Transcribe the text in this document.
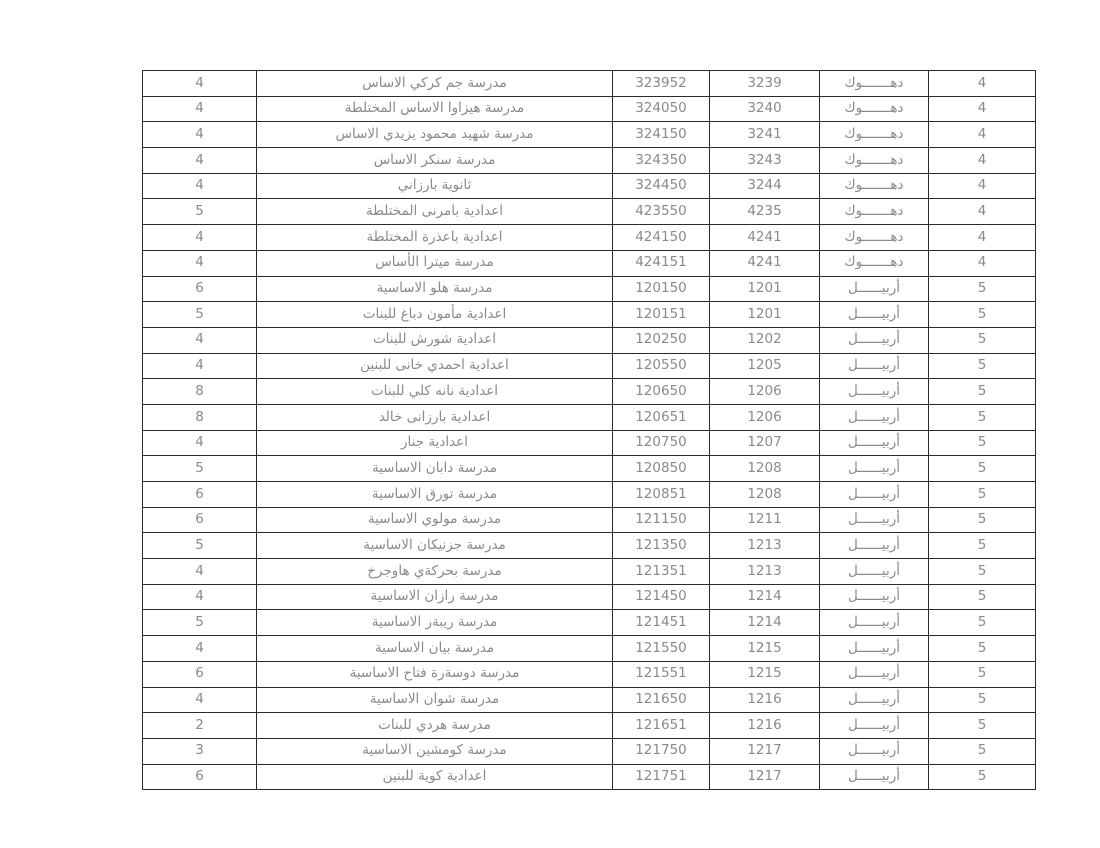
4	دهـــــــوك	3239	323952	مدرسة جم كركي الاساس	4
4	دهـــــــوك	3240	324050	مدرسة هيزاوا الاساس المختلطة	4
4	دهـــــــوك	3241	324150	مدرسة شهيد محمود يزيدي الاساس	4
4	دهـــــــوك	3243	324350	مدرسة سنكر الاساس	4
4	دهـــــــوك	3244	324450	ثانوية بارزاني	4
4	دهـــــــوك	4235	423550	اعدادية بامرنى المختلطة	5
4	دهـــــــوك	4241	424150	اعدادية باعذرة المختلطة	4
4	دهـــــــوك	4241	424151	مدرسة ميترا الأساس	4
5	أربيــــــل	1201	120150	مدرسة هلو الاساسية	6
5	أربيــــــل	1201	120151	اعدادية مأمون دباغ للبنات	5
5	أربيــــــل	1202	120250	اعدادية شورش للبنات	4
5	أربيــــــل	1205	120550	اعدادية احمدي خانى للبنين	4
5	أربيــــــل	1206	120650	اعدادية نانه كلي للبنات	8
5	أربيــــــل	1206	120651	اعدادية بارزانى خالد	8
5	أربيــــــل	1207	120750	اعدادية جنار	4
5	أربيــــــل	1208	120850	مدرسة دابان الاساسية	5
5	أربيــــــل	1208	120851	مدرسة تورق الاساسية	6
5	أربيــــــل	1211	121150	مدرسة مولوي الاساسية	6
5	أربيــــــل	1213	121350	مدرسة جزنيكان الاساسية	5
5	أربيــــــل	1213	121351	مدرسة بحركةي هاوجرخ	4
5	أربيــــــل	1214	121450	مدرسة رازان الاساسية	4
5	أربيــــــل	1214	121451	مدرسة ريبةر الاساسية	5
5	أربيــــــل	1215	121550	مدرسة بيان الاساسية	4
5	أربيــــــل	1215	121551	مدرسة دوسةرة فتاح الاساسية	6
5	أربيــــــل	1216	121650	مدرسة شوان الاساسية	4
5	أربيــــــل	1216	121651	مدرسة هردي للبنات	2
5	أربيــــــل	1217	121750	مدرسة كومشين الاساسية	3
5	أربيــــــل	1217	121751	اعدادية كوية للبنين	6
